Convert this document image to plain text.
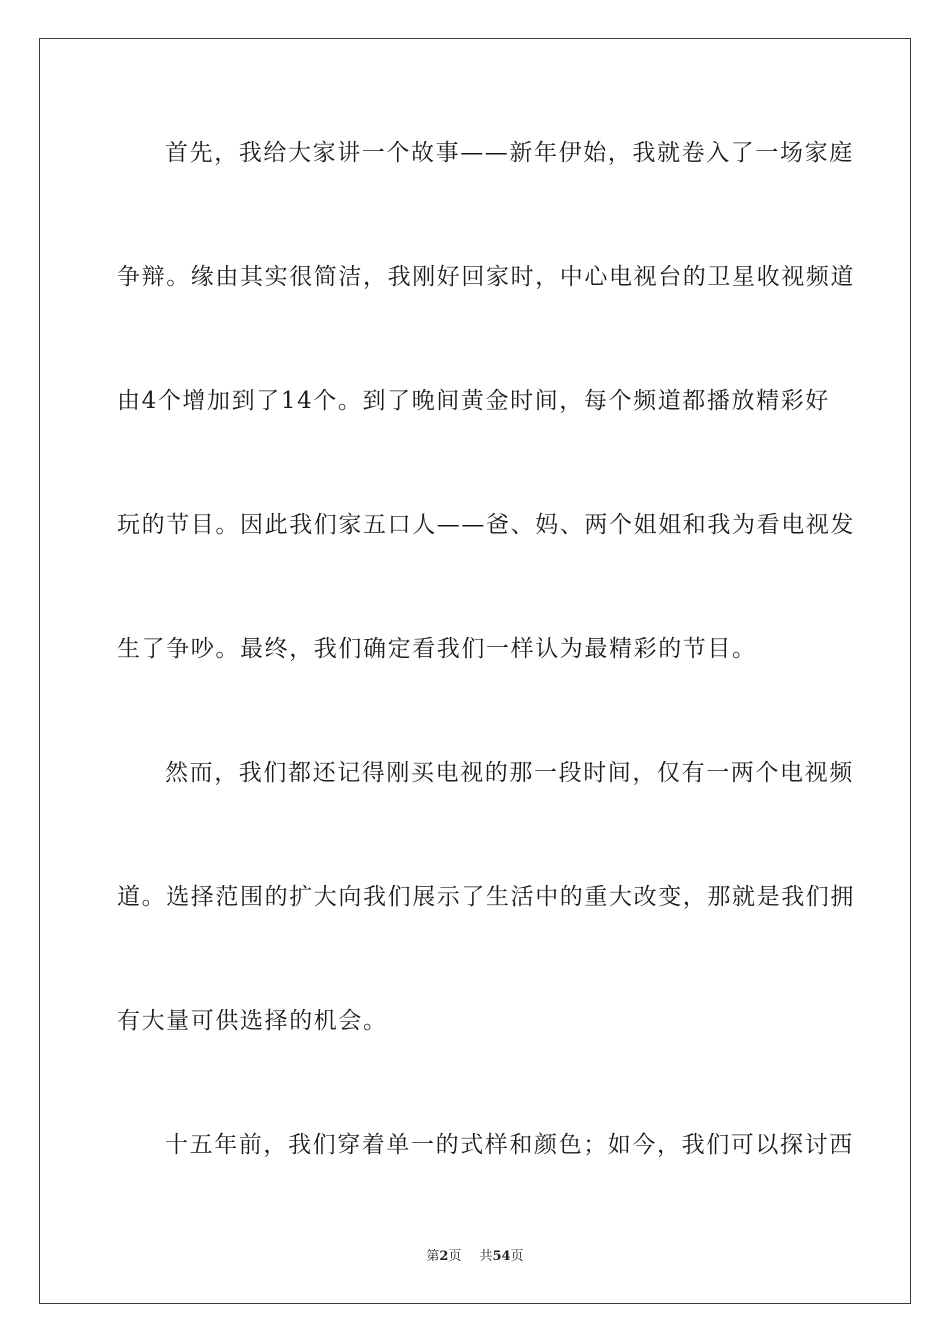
首先，我给大家讲一个故事——新年伊始，我就卷入了一场家庭
争辩。缘由其实很简洁，我刚好回家时，中心电视台的卫星收视频道
由4个增加到了14个。到了晚间黄金时间，每个频道都播放精彩好
玩的节目。因此我们家五口人——爸、妈、两个姐姐和我为看电视发
生了争吵。最终，我们确定看我们一样认为最精彩的节目。
然而，我们都还记得刚买电视的那一段时间，仅有一两个电视频
道。选择范围的扩大向我们展示了生活中的重大改变，那就是我们拥
有大量可供选择的机会。
十五年前，我们穿着单一的式样和颜色；如今，我们可以探讨西
第2页 共54页
